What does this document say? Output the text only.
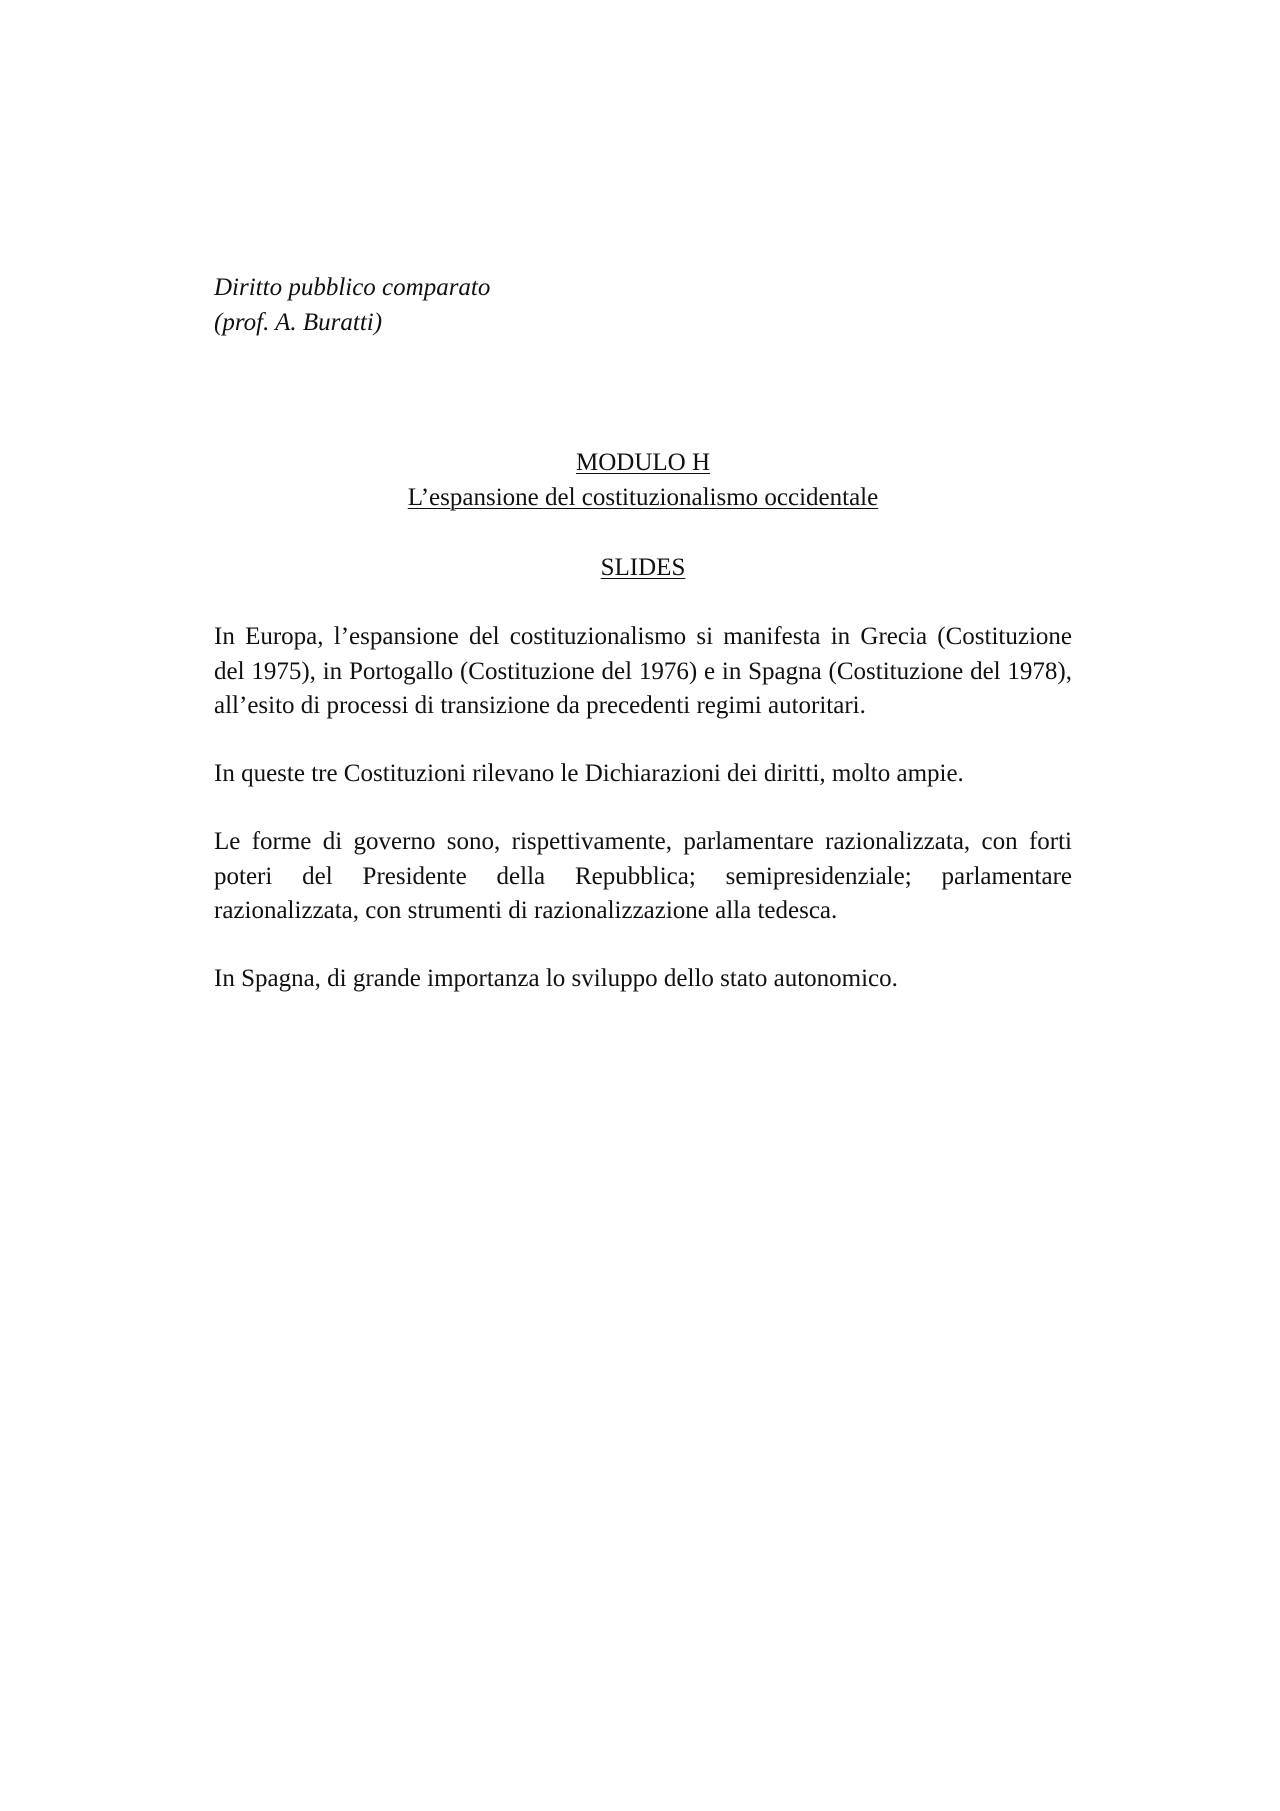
Diritto pubblico comparato
(prof. A. Buratti)
MODULO H
L’espansione del costituzionalismo occidentale
SLIDES

In Europa, l’espansione del costituzionalismo si manifesta in Grecia (Costituzione del 1975), in Portogallo (Costituzione del 1976) e in Spagna (Costituzione del 1978), all’esito di processi di transizione da precedenti regimi autoritari.

In queste tre Costituzioni rilevano le Dichiarazioni dei diritti, molto ampie.

Le forme di governo sono, rispettivamente, parlamentare razionalizzata, con forti poteri del Presidente della Repubblica; semipresidenziale; parlamentare razionalizzata, con strumenti di razionalizzazione alla tedesca.

In Spagna, di grande importanza lo sviluppo dello stato autonomico.
